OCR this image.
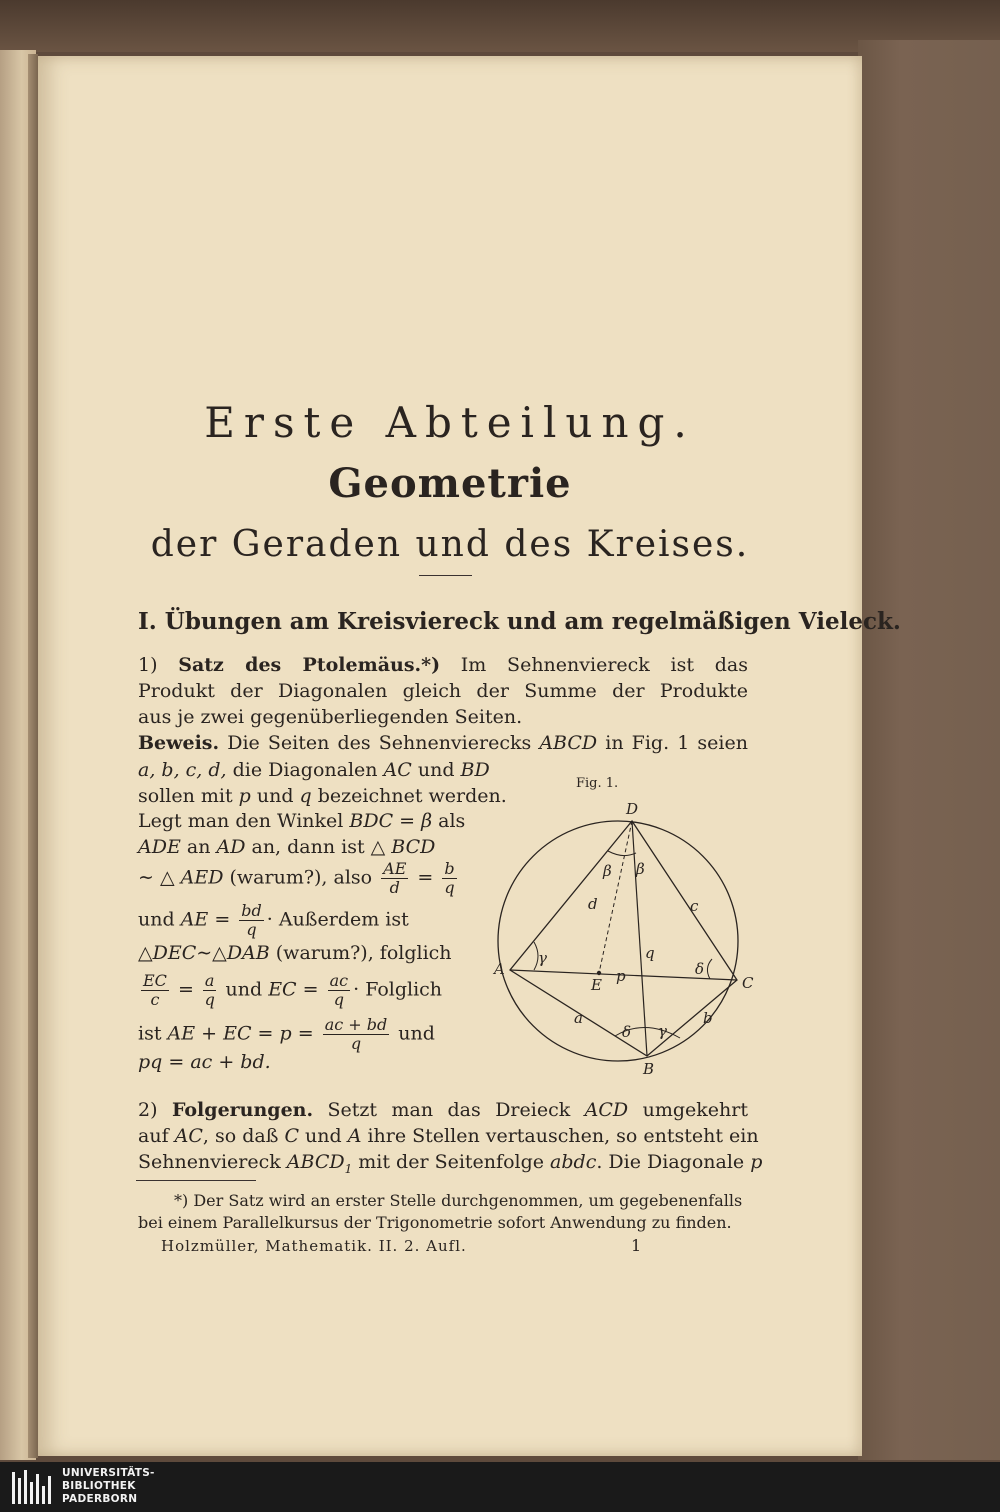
Erste Abteilung.
Geometrie
der Geraden und des Kreises.
I. Übungen am Kreisviereck und am regelmäßigen Vieleck.
1) Satz des Ptolemäus.*) Im Sehnenviereck ist das
Produkt der Diagonalen gleich der Summe der Produkte
aus je zwei gegenüberliegenden Seiten.
Beweis. Die Seiten des Sehnenvierecks ABCD in Fig. 1 seien
a, b, c, d, die Diagonalen AC und BD
sollen mit p und q bezeichnet werden.
Legt man den Winkel BDC = β als
ADE an AD an, dann ist △ BCD
∼ △ AED (warum?), also $\frac{AE}{d} = \frac{b}{q}$
und AE = $\frac{bd}{q}$ · Außerdem ist
△DEC∼△DAB (warum?), folglich
$\frac{EC}{c} = \frac{a}{q}$ und EC = $\frac{ac}{q}$ · Folglich
ist AE + EC = $p = \frac{ac + bd}{q}$ und
pq = ac + bd.
Fig. 1.
D
A
C
B
E
d	c
a	b
p
q
β β
γ
γ
δ
δ
2) Folgerungen. Setzt man das Dreieck ACD umgekehrt
auf AC, so daß C und A ihre Stellen vertauschen, so entsteht ein
Sehnenviereck $ABCD_1$ mit der Seitenfolge abdc. Die Diagonale p
*) Der Satz wird an erster Stelle durchgenommen, um gegebenenfalls
bei einem Parallelkursus der Trigonometrie sofort Anwendung zu finden.
Holzmüller, Mathematik. II. 2. Aufl.	1
UNIVERSITÄTS-
BIBLIOTHEK
PADERBORN
